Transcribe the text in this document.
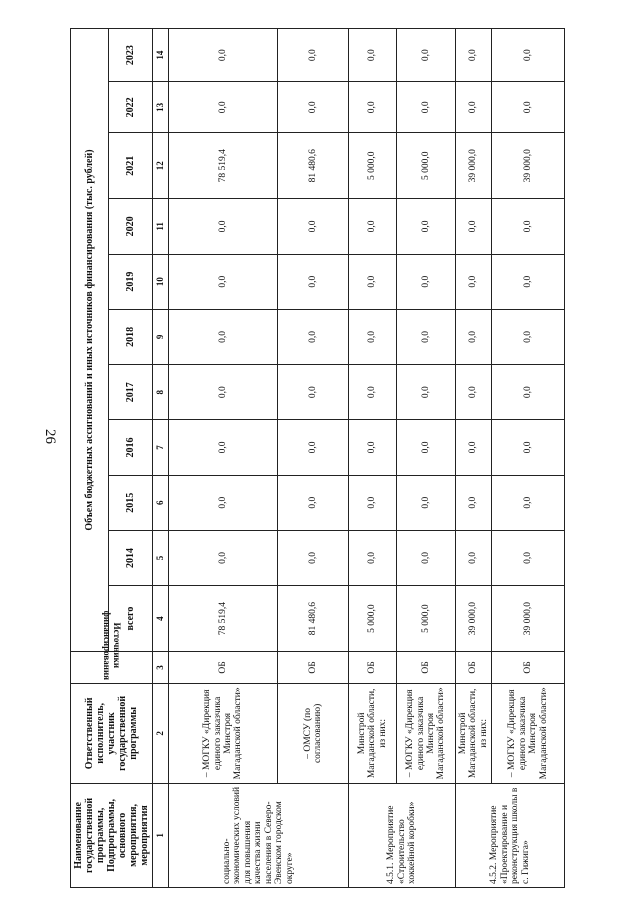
26
Наименование государственной программы, Подпрограммы, основного мероприятия, мероприятия	Ответственный исполнитель, участник государственной программы	Источники финансирования	Объем бюджетных ассигнований и иных источников финансирования (тыс. рублей)										
			всего	2014	2015	2016	2017	2018	2019	2020	2021	2022	2023
1	2	3	4	5	6	7	8	9	10	11	12	13	14
социально-экономических условий для повышения качества жизни населения в Северо-Эвенском городском округе»	– МОГКУ «Дирекция единого заказчика Минстроя Магаданской области»	ОБ	78 519,4	0,0	0,0	0,0	0,0	0,0	0,0	0,0	78 519,4	0,0	0,0
	– ОМСУ (по согласованию)	ОБ	81 480,6	0,0	0,0	0,0	0,0	0,0	0,0	0,0	81 480,6	0,0	0,0
4.5.1. Мероприятие «Строительство хоккейной коробки»	Минстрой Магаданской области, из них:	ОБ	5 000,0	0,0	0,0	0,0	0,0	0,0	0,0	0,0	5 000,0	0,0	0,0
	– МОГКУ «Дирекция единого заказчика Минстроя Магаданской области»	ОБ	5 000,0	0,0	0,0	0,0	0,0	0,0	0,0	0,0	5 000,0	0,0	0,0
4.5.2. Мероприятие «Проектирование и реконструкция школы в с. Гижига»	Минстрой Магаданской области, из них:	ОБ	39 000,0	0,0	0,0	0,0	0,0	0,0	0,0	0,0	39 000,0	0,0	0,0
	– МОГКУ «Дирекция единого заказчика Минстроя Магаданской области»	ОБ	39 000,0	0,0	0,0	0,0	0,0	0,0	0,0	0,0	39 000,0	0,0	0,0
